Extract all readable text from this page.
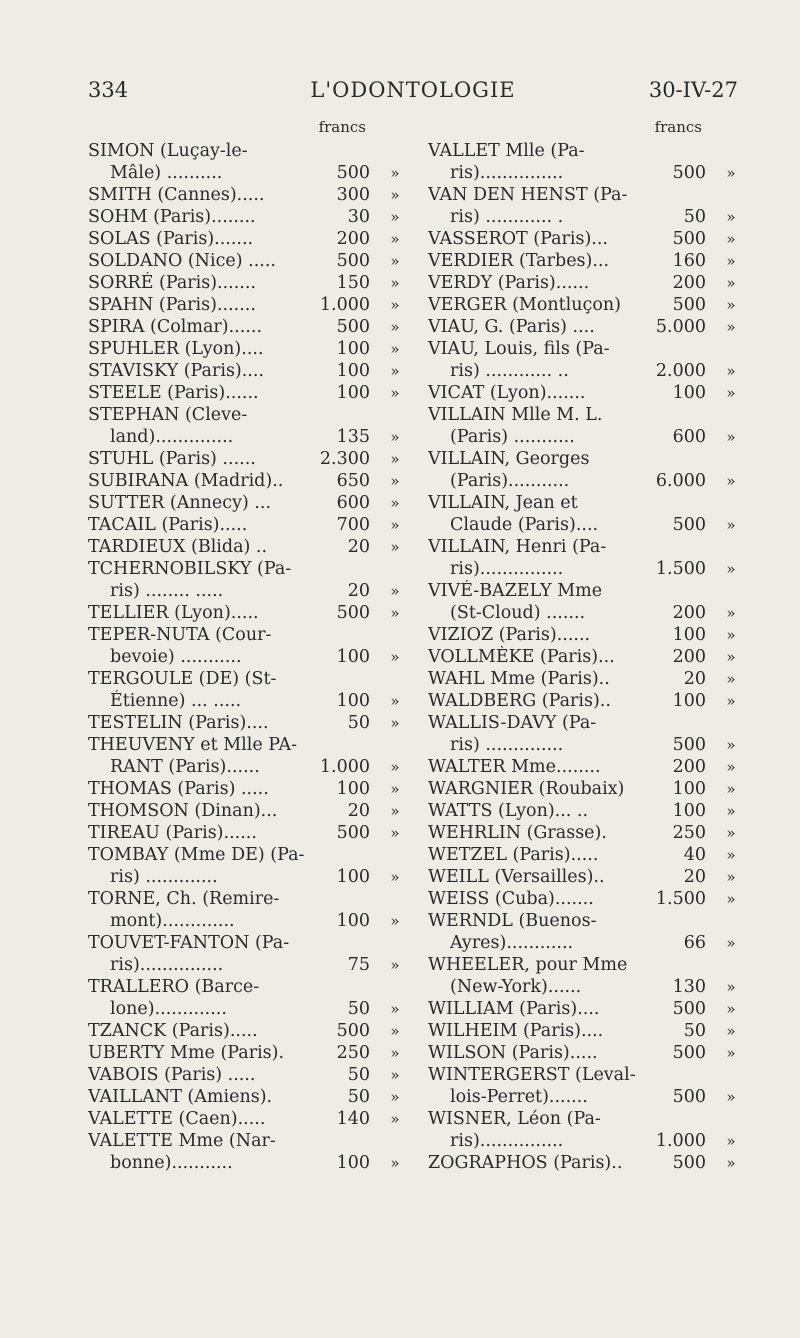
334	L'ODONTOLOGIE	30-IV-27
francs
SIMON (Luçay-le-
Mâle) ..........	500 »
SMITH (Cannes).....	300 »
SOHM (Paris)........	30 »
SOLAS (Paris).......	200 »
SOLDANO (Nice) .....	500 »
SORRÉ (Paris).......	150 »
SPAHN (Paris).......	1.000 »
SPIRA (Colmar)......	500 »
SPUHLER (Lyon)....	100 »
STAVISKY (Paris)....	100 »
STEELE (Paris)......	100 »
STEPHAN (Cleve-
land)..............	135 »
STUHL (Paris) ......	2.300 »
SUBIRANA (Madrid)..	650 »
SUTTER (Annecy) ...	600 »
TACAIL (Paris).....	700 »
TARDIEUX (Blida) ..	20 »
TCHERNOBILSKY (Pa-
ris) ........ .....	20 »
TELLIER (Lyon).....	500 »
TEPER-NUTA (Cour-
bevoie) ...........	100 »
TERGOULE (DE) (St-
Étienne) ... .....	100 »
TESTELIN (Paris)....	50 »
THEUVENY et Mlle PA-
RANT (Paris)......	1.000 »
THOMAS (Paris) .....	100 »
THOMSON (Dinan)...	20 »
TIREAU (Paris)......	500 »
TOMBAY (Mme DE) (Pa-
ris) .............	100 »
TORNE, Ch. (Remire-
mont).............	100 »
TOUVET-FANTON (Pa-
ris)...............	75 »
TRALLERO (Barce-
lone).............	50 »
TZANCK (Paris).....	500 »
UBERTY Mme (Paris).	250 »
VABOIS (Paris) .....	50 »
VAILLANT (Amiens).	50 »
VALETTE (Caen).....	140 »
VALETTE Mme (Nar-
bonne)...........	100 »
francs
VALLET Mlle (Pa-
ris)...............	500 »
VAN DEN HENST (Pa-
ris) ............ .	50 »
VASSEROT (Paris)...	500 »
VERDIER (Tarbes)...	160 »
VERDY (Paris)......	200 »
VERGER (Montluçon)	500 »
VIAU, G. (Paris) ....	5.000 »
VIAU, Louis, fils (Pa-
ris) ............ ..	2.000 »
VICAT (Lyon).......	100 »
VILLAIN Mlle M. L.
(Paris) ...........	600 »
VILLAIN, Georges
(Paris)...........	6.000 »
VILLAIN, Jean et
Claude (Paris)....	500 »
VILLAIN, Henri (Pa-
ris)...............	1.500 »
VIVÉ-BAZELY Mme
(St-Cloud) .......	200 »
VIZIOZ (Paris)......	100 »
VOLLMÈKE (Paris)...	200 »
WAHL Mme (Paris)..	20 »
WALDBERG (Paris)..	100 »
WALLIS-DAVY (Pa-
ris) ..............	500 »
WALTER Mme........	200 »
WARGNIER (Roubaix)	100 »
WATTS (Lyon)... ..	100 »
WEHRLIN (Grasse).	250 »
WETZEL (Paris).....	40 »
WEILL (Versailles)..	20 »
WEISS (Cuba).......	1.500 »
WERNDL (Buenos-
Ayres)............	66 »
WHEELER, pour Mme
(New-York)......	130 »
WILLIAM (Paris)....	500 »
WILHEIM (Paris)....	50 »
WILSON (Paris).....	500 »
WINTERGERST (Leval-
lois-Perret).......	500 »
WISNER, Léon (Pa-
ris)...............	1.000 »
ZOGRAPHOS (Paris)..	500 »
